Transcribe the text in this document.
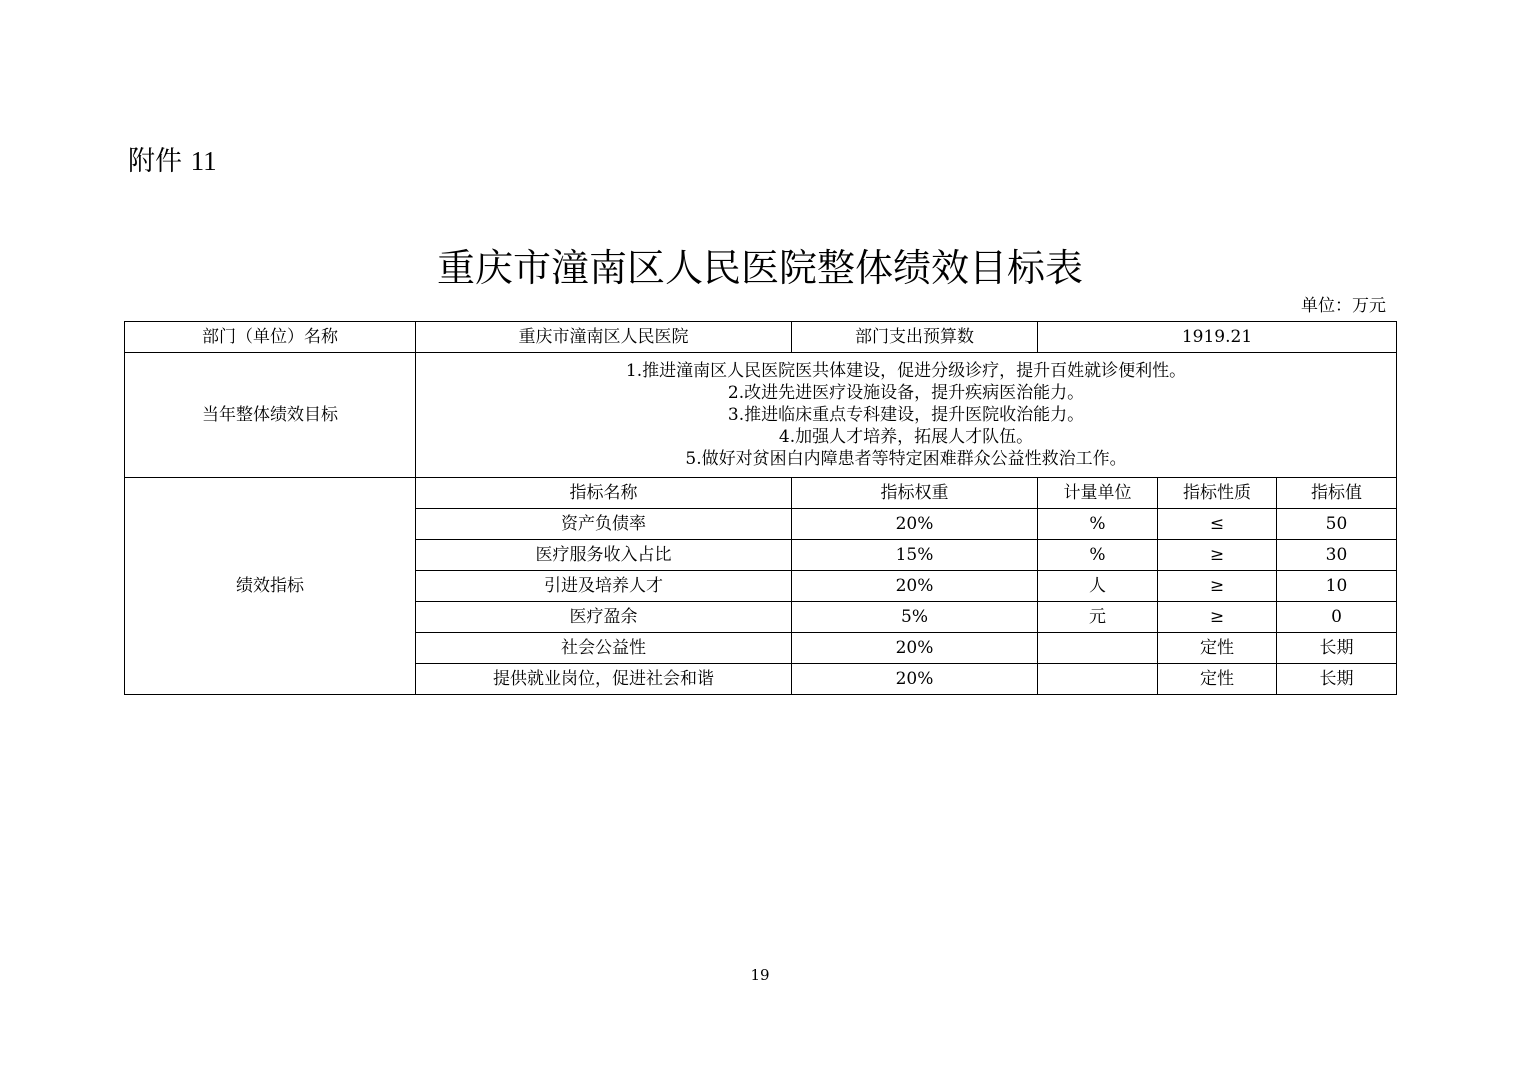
附件 11
重庆市潼南区人民医院整体绩效目标表
单位：万元
部门（单位）名称	重庆市潼南区人民医院	部门支出预算数	1919.21		
当年整体绩效目标	1.推进潼南区人民医院医共体建设，促进分级诊疗，提升百姓就诊便利性。
2.改进先进医疗设施设备，提升疾病医治能力。
3.推进临床重点专科建设，提升医院收治能力。
4.加强人才培养，拓展人才队伍。
5.做好对贫困白内障患者等特定困难群众公益性救治工作。				

绩效指标	指标名称	指标权重	计量单位	指标性质	指标值
	资产负债率	20%	%	≤	50
	医疗服务收入占比	15%	%	≥	30
	引进及培养人才	20%	人	≥	10
	医疗盈余	5%	元	≥	0
	社会公益性	20%		定性	长期
	提供就业岗位，促进社会和谐	20%		定性	长期
19
